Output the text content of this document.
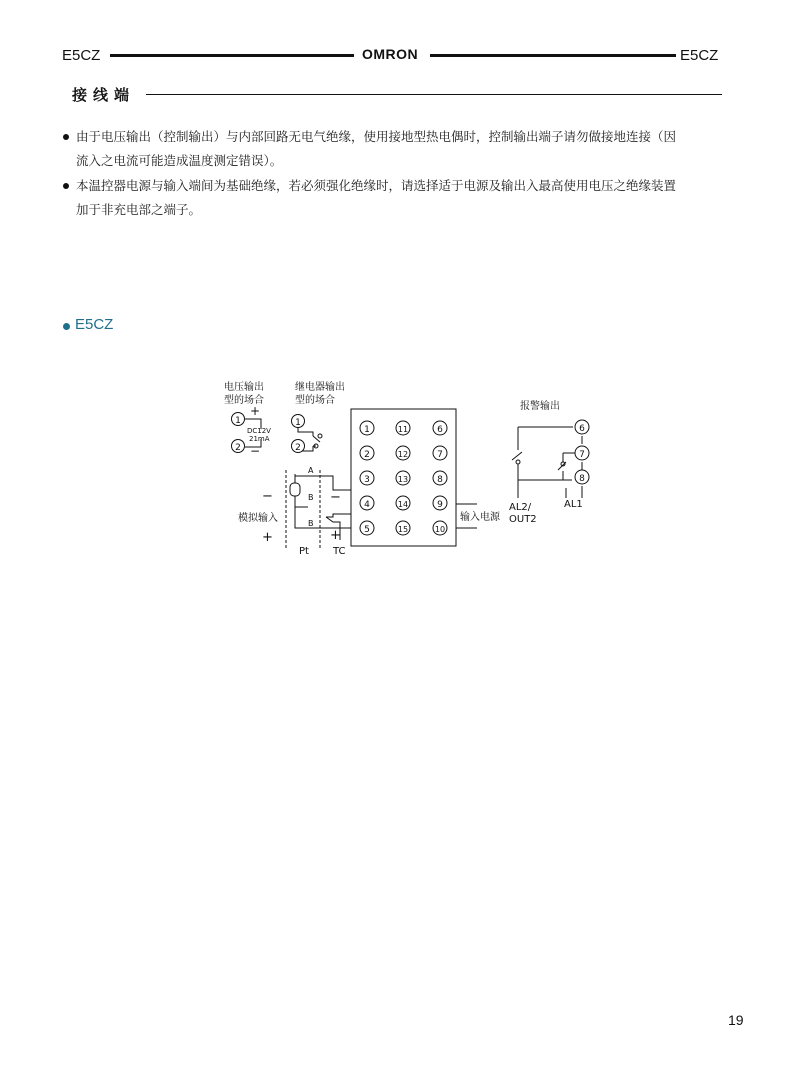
E5CZ	OMRON	E5CZ
接线端
由于电压输出（控制输出）与内部回路无电气绝缘，使用接地型热电偶时，控制输出端子请勿做接地连接（因
流入之电流可能造成温度测定错误）。
本温控器电源与输入端间为基础绝缘，若必须强化绝缘时，请选择适于电源及输出入最高使用电压之绝缘装置
加于非充电部之端子。
E5CZ
1
2
1
2
1	11	6
2	12	7
3	13	8
4	14	9
5	15	10
6
7
8
电压输出
型的场合
+
DC12V
21mA
−
继电器输出
型的场合
报警输出
A
B
B
−
模拟输入
+
−
+
Pt TC
输入电源
AL2/
OUT2
AL1
19
